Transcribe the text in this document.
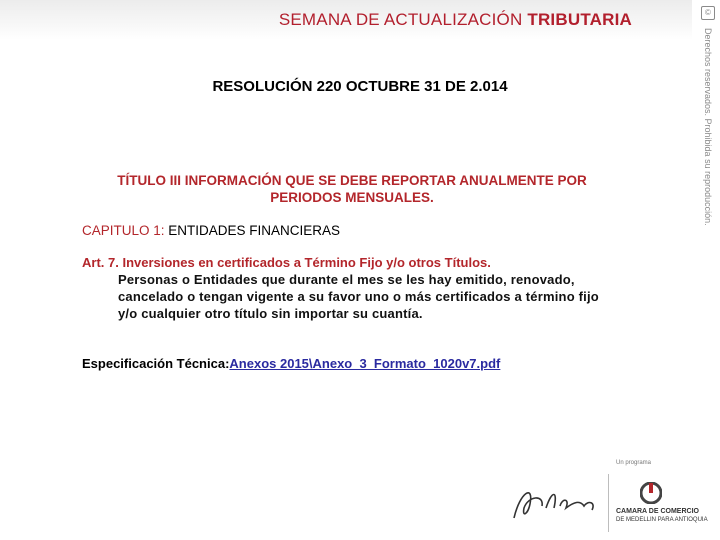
SEMANA DE ACTUALIZACIÓN TRIBUTARIA	©
Derechos reservados. Prohibida su reproducción.
RESOLUCIÓN 220 OCTUBRE 31 DE 2.014
TÍTULO III INFORMACIÓN QUE SE DEBE REPORTAR ANUALMENTE POR PERIODOS MENSUALES.
CAPITULO 1: ENTIDADES FINANCIERAS
Art. 7. Inversiones en certificados a Término Fijo y/o otros Títulos.
Personas o Entidades que durante el mes se les hay emitido, renovado, cancelado o tengan vigente a su favor uno o más certificados a término fijo y/o cualquier otro título sin importar su cuantía.
Especificación Técnica:Anexos 2015\Anexo_3_Formato_1020v7.pdf
Un programa
CAMARA DE COMERCIO
DE MEDELLIN PARA ANTIOQUIA
